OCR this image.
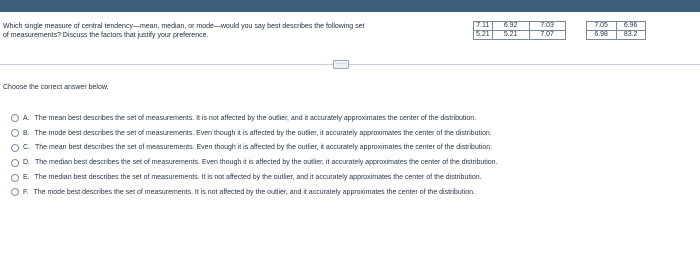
Which single measure of central tendency—mean, median, or mode—would you say best describes the following set
of measurements? Discuss the factors that justify your preference.
7.11	6.92	7.03		7.05	6.96
5.21	5.21	7.07		6.98	83.2
·····
Choose the correct answer below.
A. The mean best describes the set of measurements. It is not affected by the outlier, and it accurately approximates the center of the distribution.
B. The mode best describes the set of measurements. Even though it is affected by the outlier, it accurately approximates the center of the distribution.
C. The mean best describes the set of measurements. Even though it is affected by the outlier, it accurately approximates the center of the distribution.
D. The median best describes the set of measurements. Even though it is affected by the outlier, it accurately approximates the center of the distribution.
E. The median best describes the set of measurements. It is not affected by the outlier, and it accurately approximates the center of the distribution.
F. The mode best describes the set of measurements. It is not affected by the outlier, and it accurately approximates the center of the distribution.
